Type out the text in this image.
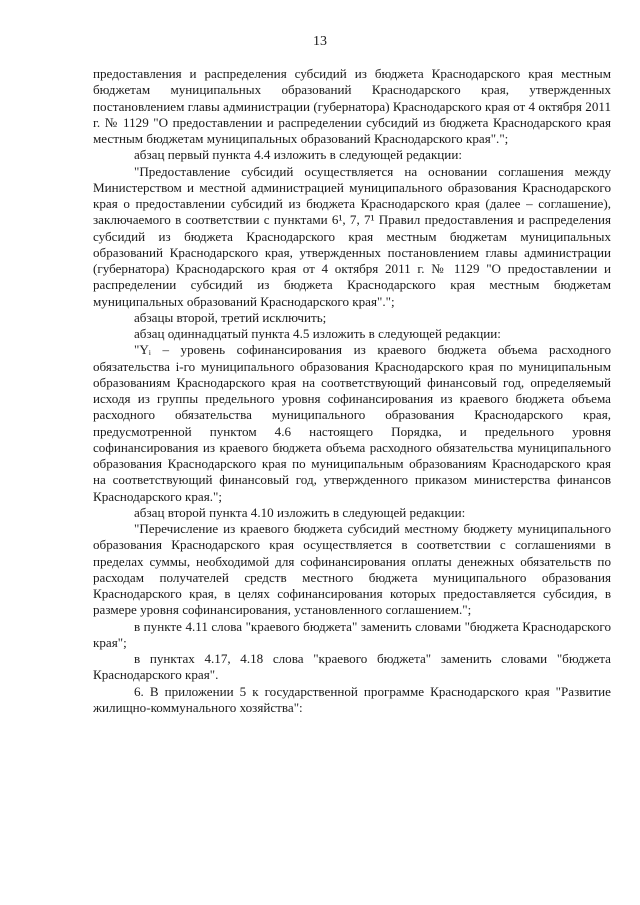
13

предоставления и распределения субсидий из бюджета Краснодарского края местным бюджетам муниципальных образований Краснодарского края, утвержденных постановлением главы администрации (губернатора) Краснодарского края от 4 октября 2011 г. № 1129 "О предоставлении и распределении субсидий из бюджета Краснодарского края местным бюджетам муниципальных образований Краснодарского края".";

абзац первый пункта 4.4 изложить в следующей редакции:

"Предоставление субсидий осуществляется на основании соглашения между Министерством и местной администрацией муниципального образования Краснодарского края о предоставлении субсидий из бюджета Краснодарского края (далее – соглашение), заключаемого в соответствии с пунктами 6¹, 7, 7¹ Правил предоставления и распределения субсидий из бюджета Краснодарского края местным бюджетам муниципальных образований Краснодарского края, утвержденных постановлением главы администрации (губернатора) Краснодарского края от 4 октября 2011 г. № 1129 "О предоставлении и распределении субсидий из бюджета Краснодарского края местным бюджетам муниципальных образований Краснодарского края".";

абзацы второй, третий исключить;

абзац одиннадцатый пункта 4.5 изложить в следующей редакции:

"Yᵢ – уровень софинансирования из краевого бюджета объема расходного обязательства i-го муниципального образования Краснодарского края по муниципальным образованиям Краснодарского края на соответствующий финансовый год, определяемый исходя из группы предельного уровня софинансирования из краевого бюджета объема расходного обязательства муниципального образования Краснодарского края, предусмотренной пунктом 4.6 настоящего Порядка, и предельного уровня софинансирования из краевого бюджета объема расходного обязательства муниципального образования Краснодарского края по муниципальным образованиям Краснодарского края на соответствующий финансовый год, утвержденного приказом министерства финансов Краснодарского края.";

абзац второй пункта 4.10 изложить в следующей редакции:

"Перечисление из краевого бюджета субсидий местному бюджету муниципального образования Краснодарского края осуществляется в соответствии с соглашениями в пределах суммы, необходимой для софинансирования оплаты денежных обязательств по расходам получателей средств местного бюджета муниципального образования Краснодарского края, в целях софинансирования которых предоставляется субсидия, в размере уровня софинансирования, установленного соглашением.";

в пункте 4.11 слова "краевого бюджета" заменить словами "бюджета Краснодарского края";

в пунктах 4.17, 4.18 слова "краевого бюджета" заменить словами "бюджета Краснодарского края".

6. В приложении 5 к государственной программе Краснодарского края "Развитие жилищно-коммунального хозяйства":
